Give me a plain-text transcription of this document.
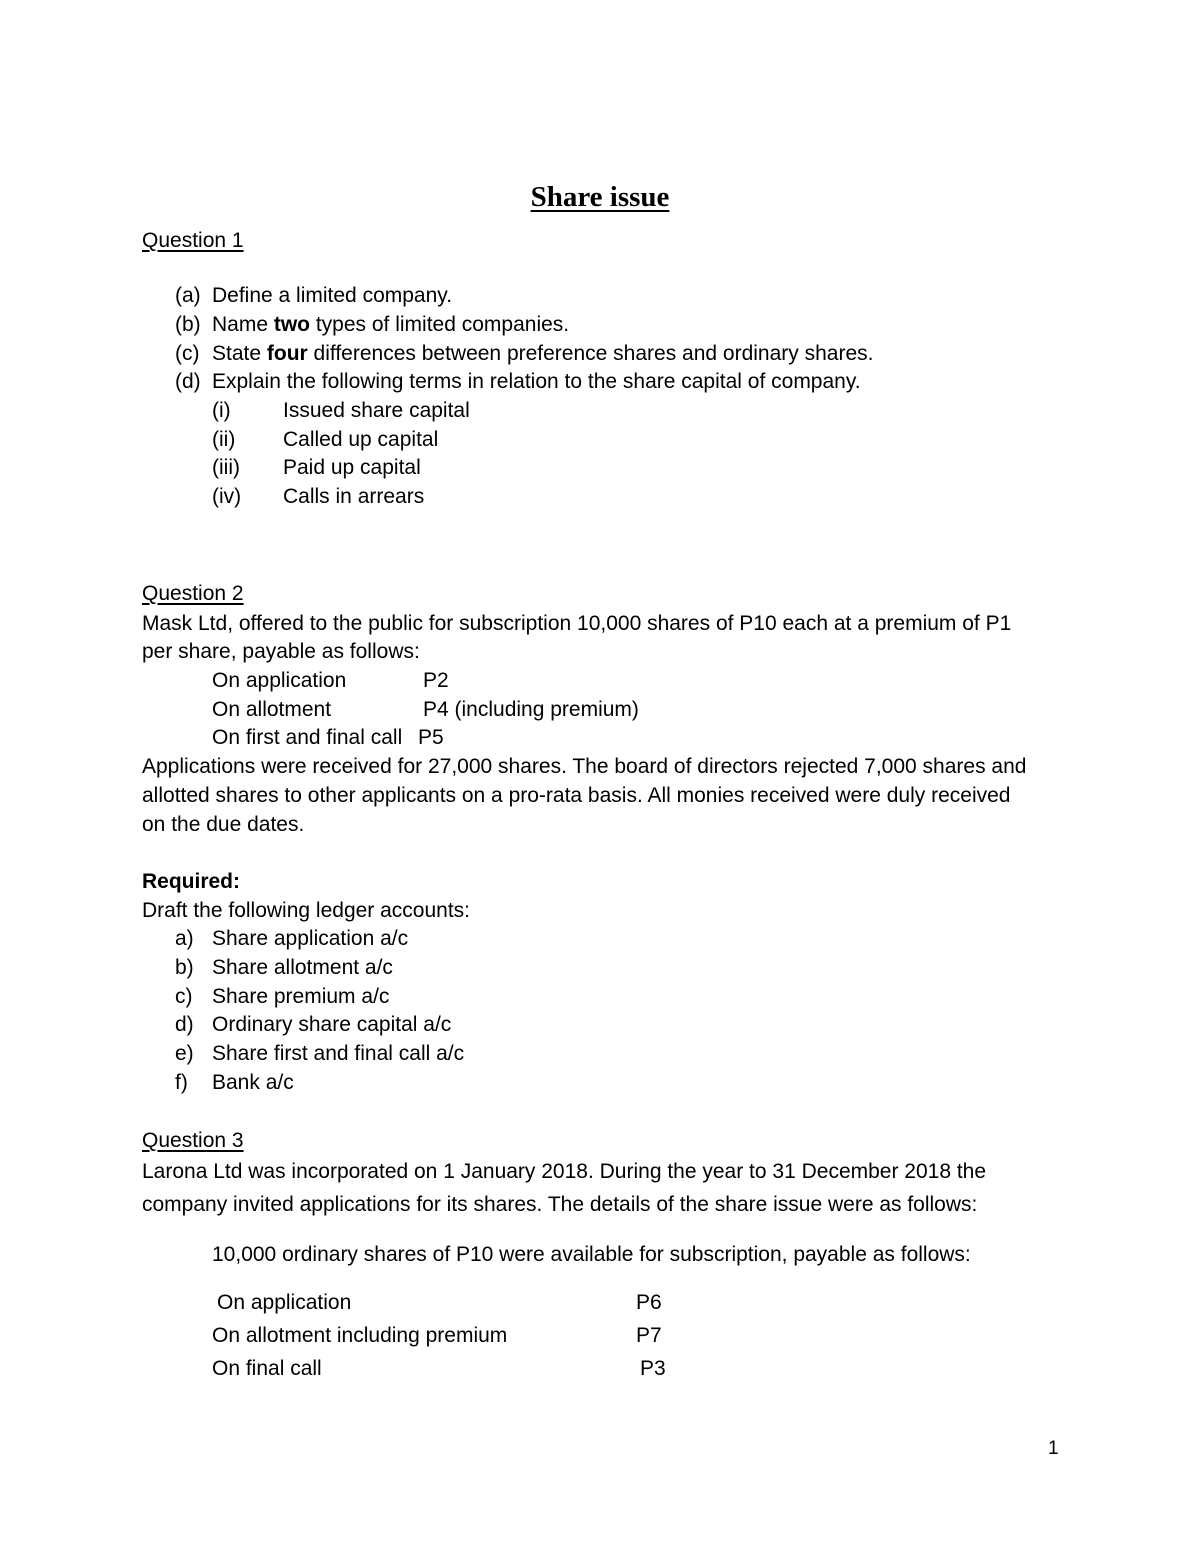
Share issue
Question 1
(a) Define a limited company.
(b) Name two types of limited companies.
(c) State four differences between preference shares and ordinary shares.
(d) Explain the following terms in relation to the share capital of company.
(i) Issued share capital
(ii) Called up capital
(iii) Paid up capital
(iv) Calls in arrears
Question 2
Mask Ltd, offered to the public for subscription 10,000 shares of P10 each at a premium of P1
per share, payable as follows:
On application	P2
On allotment	P4 (including premium)
On first and final call P5
Applications were received for 27,000 shares. The board of directors rejected 7,000 shares and
allotted shares to other applicants on a pro-rata basis. All monies received were duly received
on the due dates.
Required:
Draft the following ledger accounts:
a) Share application a/c
b) Share allotment a/c
c) Share premium a/c
d) Ordinary share capital a/c
e) Share first and final call a/c
f) Bank a/c
Question 3
Larona Ltd was incorporated on 1 January 2018. During the year to 31 December 2018 the
company invited applications for its shares. The details of the share issue were as follows:
10,000 ordinary shares of P10 were available for subscription, payable as follows:
On application	P6
On allotment including premium	P7
On final call	P3
1
